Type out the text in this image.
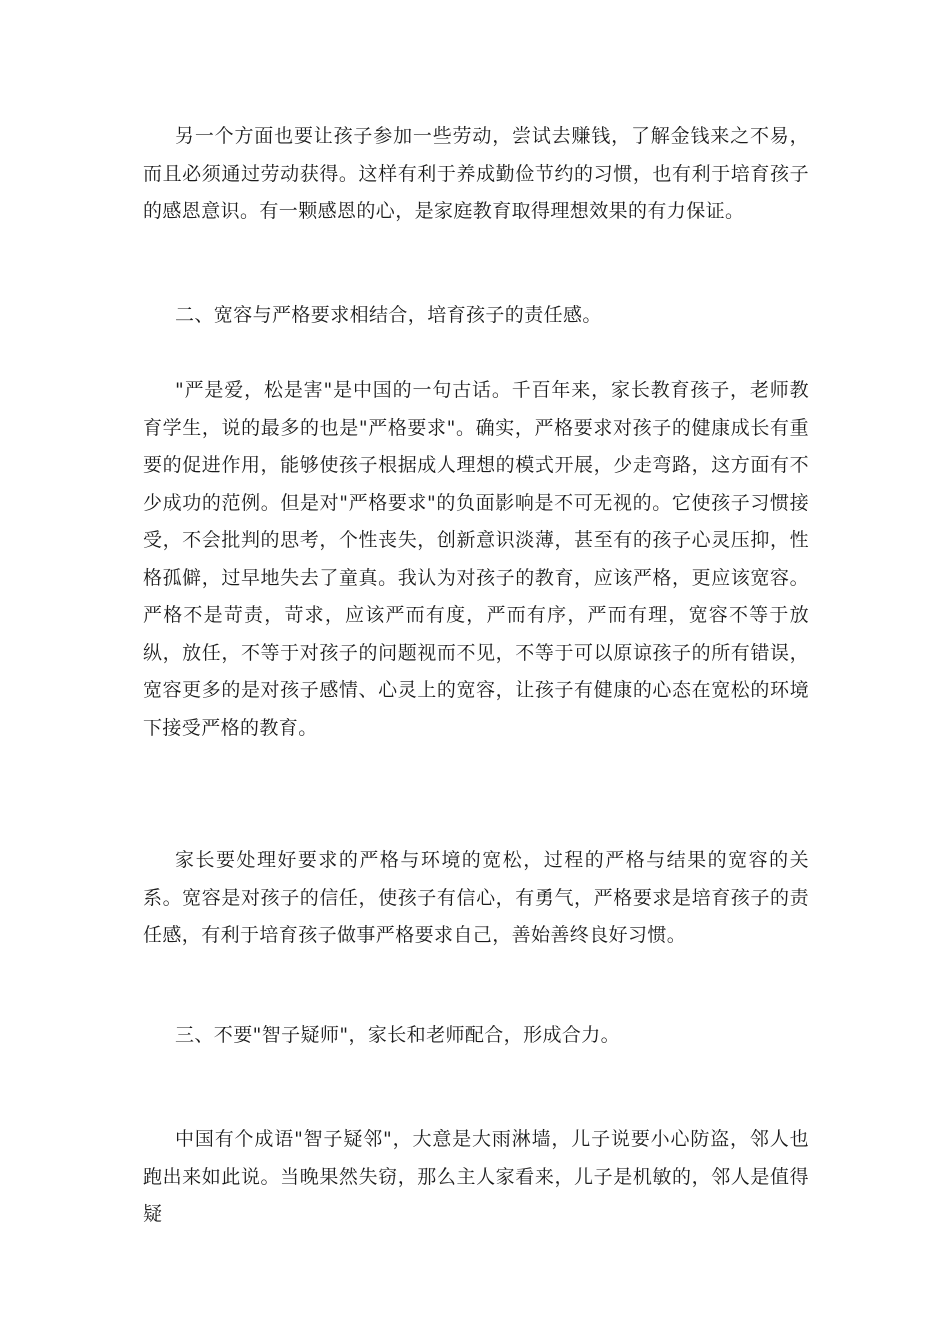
另一个方面也要让孩子参加一些劳动，尝试去赚钱，了解金钱来之不易，而且必须通过劳动获得。这样有利于养成勤俭节约的习惯，也有利于培育孩子的感恩意识。有一颗感恩的心，是家庭教育取得理想效果的有力保证。

二、宽容与严格要求相结合，培育孩子的责任感。

"严是爱，松是害"是中国的一句古话。千百年来，家长教育孩子，老师教育学生，说的最多的也是"严格要求"。确实，严格要求对孩子的健康成长有重要的促进作用，能够使孩子根据成人理想的模式开展，少走弯路，这方面有不少成功的范例。但是对"严格要求"的负面影响是不可无视的。它使孩子习惯接受，不会批判的思考，个性丧失，创新意识淡薄，甚至有的孩子心灵压抑，性格孤僻，过早地失去了童真。我认为对孩子的教育，应该严格，更应该宽容。严格不是苛责，苛求，应该严而有度，严而有序，严而有理，宽容不等于放纵，放任，不等于对孩子的问题视而不见，不等于可以原谅孩子的所有错误，宽容更多的是对孩子感情、心灵上的宽容，让孩子有健康的心态在宽松的环境下接受严格的教育。

家长要处理好要求的严格与环境的宽松，过程的严格与结果的宽容的关系。宽容是对孩子的信任，使孩子有信心，有勇气，严格要求是培育孩子的责任感，有利于培育孩子做事严格要求自己，善始善终良好习惯。

三、不要"智子疑师"，家长和老师配合，形成合力。

中国有个成语"智子疑邻"，大意是大雨淋墙，儿子说要小心防盗，邻人也跑出来如此说。当晚果然失窃，那么主人家看来，儿子是机敏的，邻人是值得疑
